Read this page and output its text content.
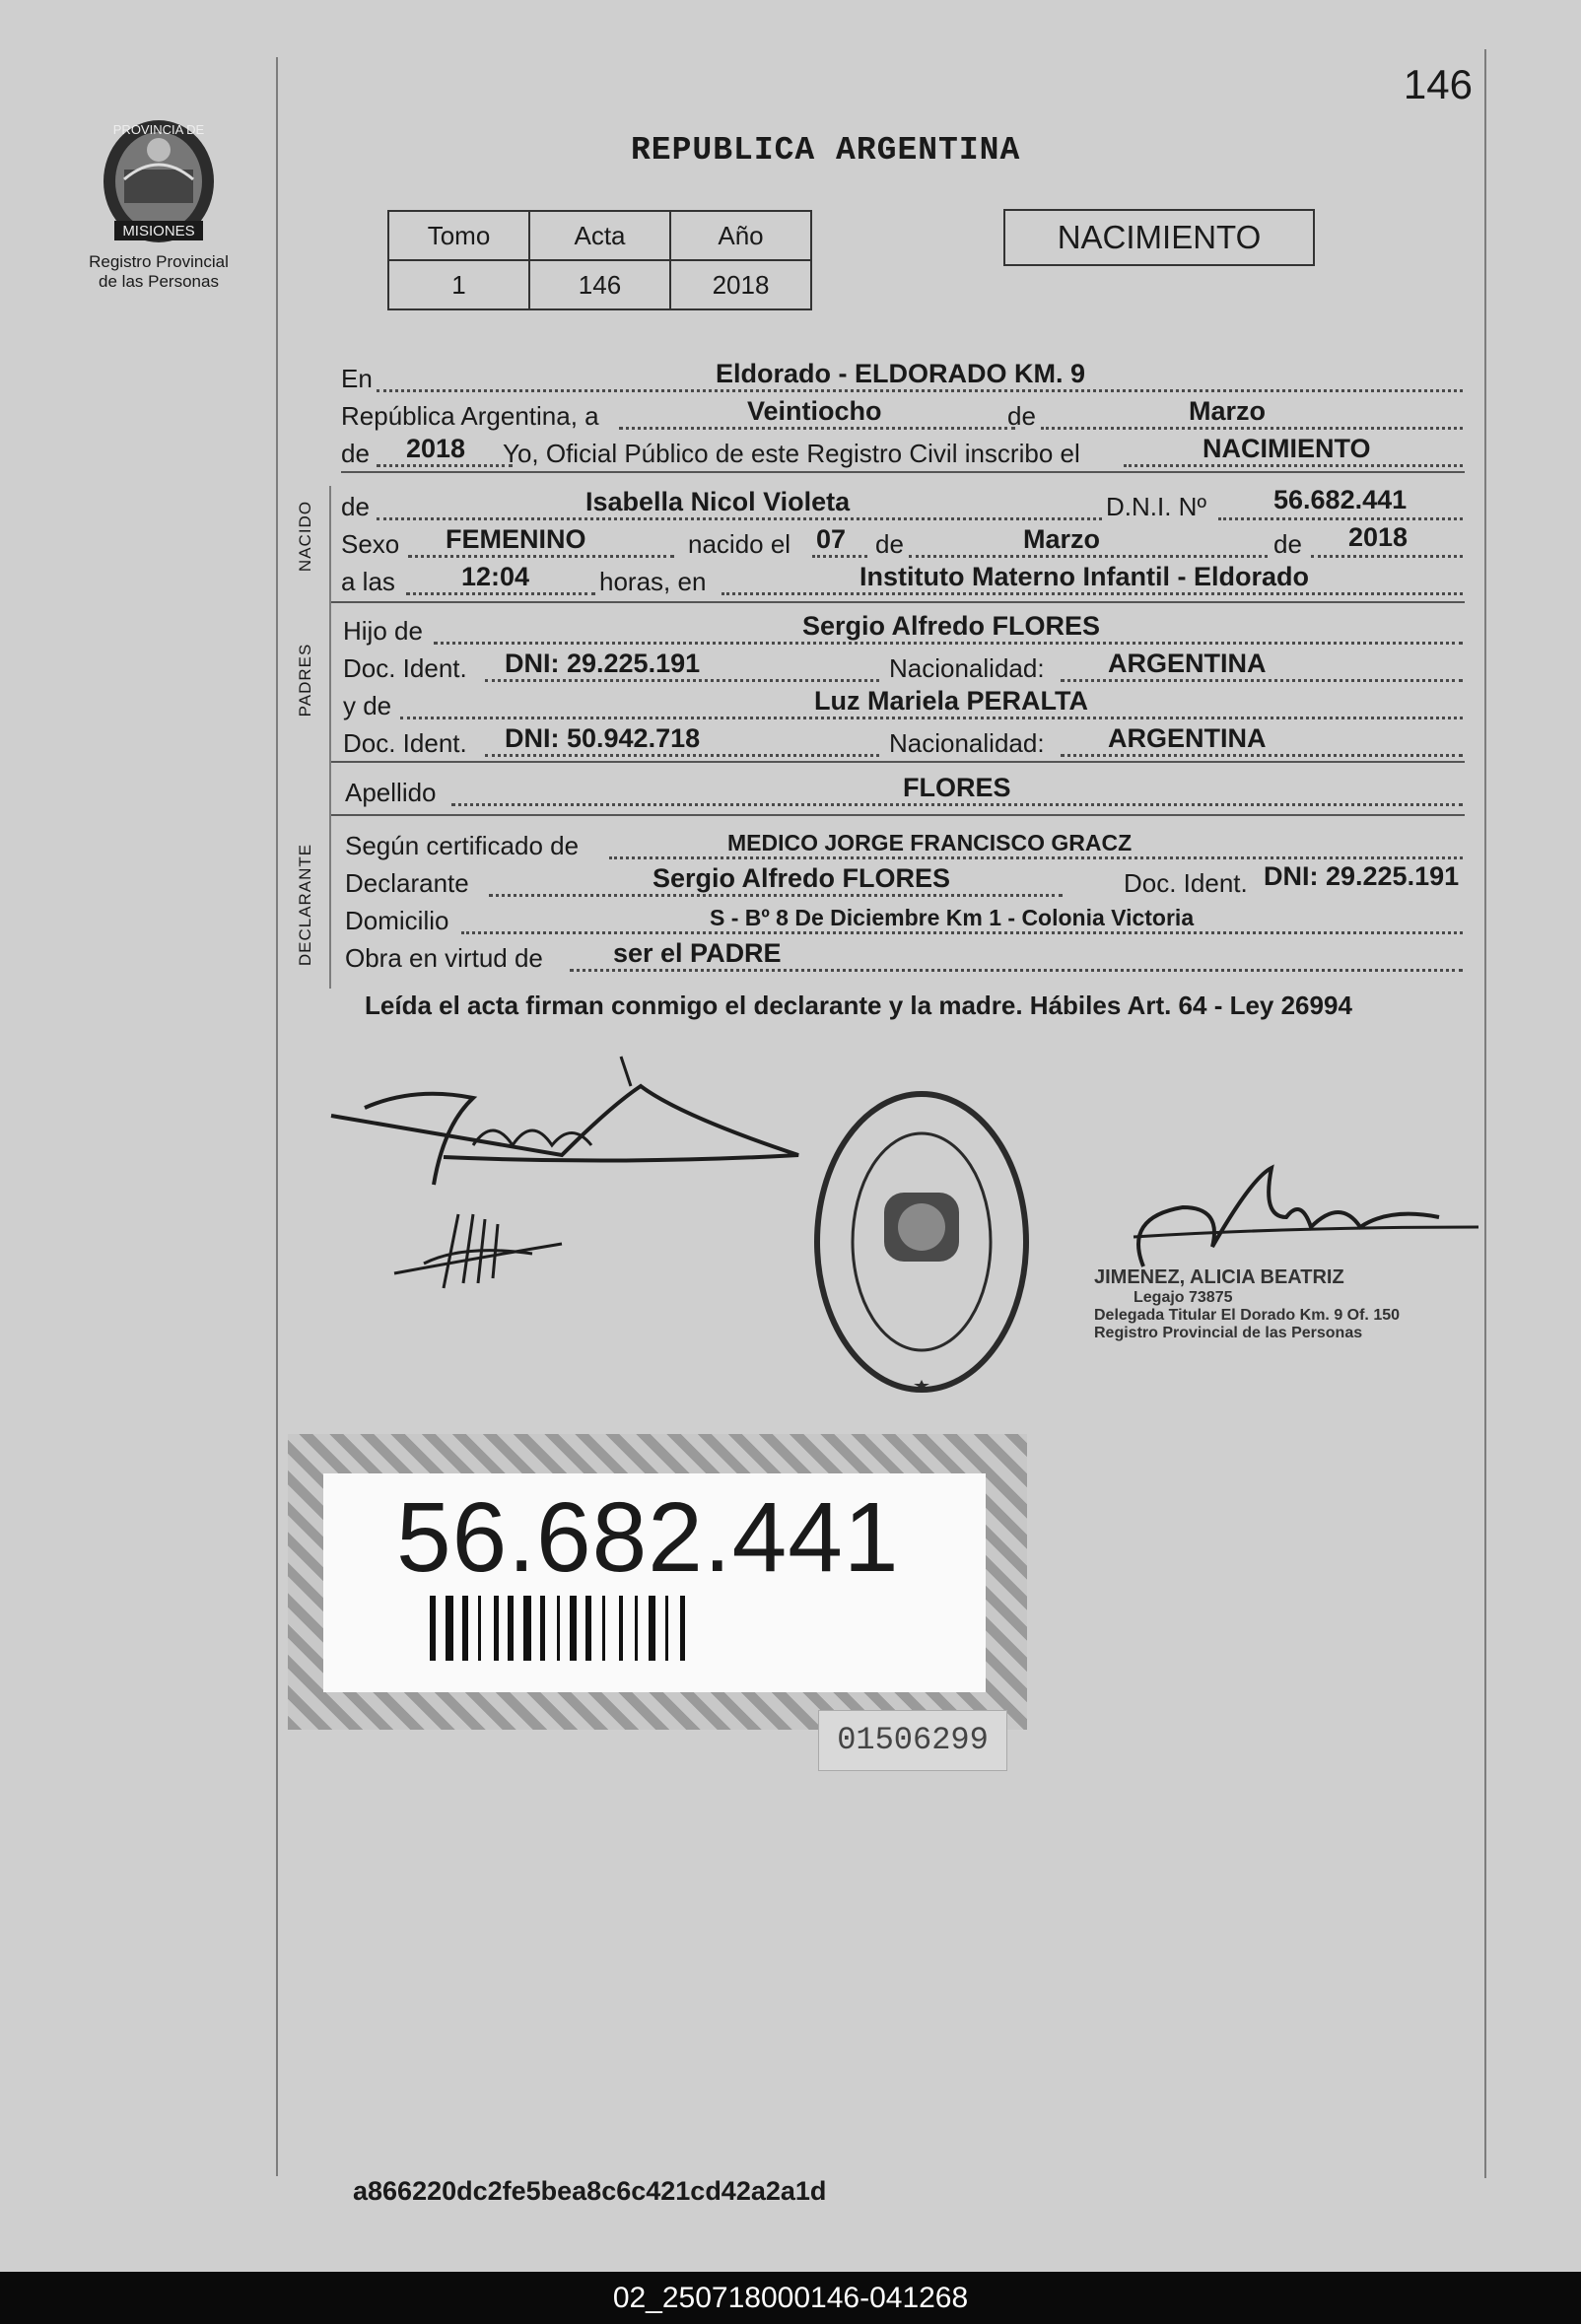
146
REPUBLICA ARGENTINA
PROVINCIA DE
MISIONES
Registro Provincial
de las Personas
Tomo	Acta	Año
1	146	2018
NACIMIENTO
En	Eldorado - ELDORADO KM. 9
República Argentina, a	Veintiocho	de	Marzo
de 2018 Yo, Oficial Público de este Registro Civil inscribo el	NACIMIENTO
NACIDO de	Isabella Nicol Violeta	D.N.I. Nº	56.682.441
Sexo FEMENINO	nacido el 07 de	Marzo	de 2018
a las 12:04	horas, en	Instituto Materno Infantil - Eldorado
PADRES
Hijo de	Sergio Alfredo FLORES
Doc. Ident. DNI: 29.225.191	Nacionalidad: ARGENTINA
y de	Luz Mariela PERALTA
Doc. Ident. DNI: 50.942.718	Nacionalidad: ARGENTINA
Apellido	FLORES
DECLARANTE Según certificado de	MEDICO JORGE FRANCISCO GRACZ
Declarante	Sergio Alfredo FLORES	Doc. Ident. DNI: 29.225.191
Domicilio	S - Bº 8 De Diciembre Km 1 - Colonia Victoria
Obra en virtud de	ser el PADRE
Leída el acta firman conmigo el declarante y la madre. Hábiles Art. 64 - Ley 26994
JIMENEZ, ALICIA BEATRIZ
Legajo 73875
Delegada Titular El Dorado Km. 9 Of. 150
Registro Provincial de las Personas
56.682.441
01506299
a866220dc2fe5bea8c6c421cd42a2a1d
02_250718000146-041268
